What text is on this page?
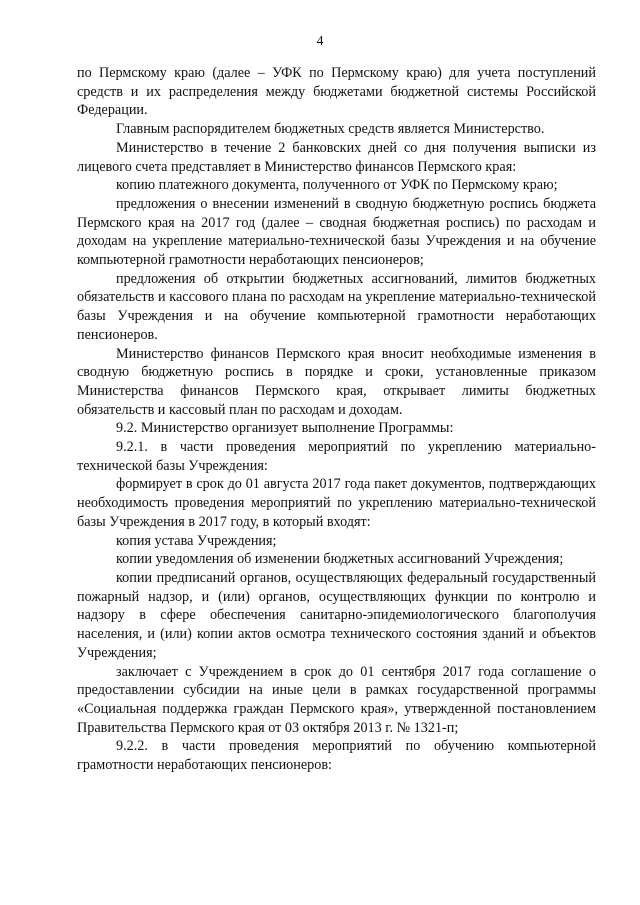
4

по Пермскому краю (далее – УФК по Пермскому краю) для учета поступлений средств и их распределения между бюджетами бюджетной системы Российской Федерации.

Главным распорядителем бюджетных средств является Министерство.

Министерство в течение 2 банковских дней со дня получения выписки из лицевого счета представляет в Министерство финансов Пермского края:

копию платежного документа, полученного от УФК по Пермскому краю;

предложения о внесении изменений в сводную бюджетную роспись бюджета Пермского края на 2017 год (далее – сводная бюджетная роспись) по расходам и доходам на укрепление материально-технической базы Учреждения и на обучение компьютерной грамотности неработающих пенсионеров;

предложения об открытии бюджетных ассигнований, лимитов бюджетных обязательств и кассового плана по расходам на укрепление материально-технической базы Учреждения и на обучение компьютерной грамотности неработающих пенсионеров.

Министерство финансов Пермского края вносит необходимые изменения в сводную бюджетную роспись в порядке и сроки, установленные приказом Министерства финансов Пермского края, открывает лимиты бюджетных обязательств и кассовый план по расходам и доходам.

9.2. Министерство организует выполнение Программы:

9.2.1. в части проведения мероприятий по укреплению материально-технической базы Учреждения:

формирует в срок до 01 августа 2017 года пакет документов, подтверждающих необходимость проведения мероприятий по укреплению материально-технической базы Учреждения в 2017 году, в который входят:

копия устава Учреждения;

копии уведомления об изменении бюджетных ассигнований Учреждения;

копии предписаний органов, осуществляющих федеральный государственный пожарный надзор, и (или) органов, осуществляющих функции по контролю и надзору в сфере обеспечения санитарно-эпидемиологического благополучия населения, и (или) копии актов осмотра технического состояния зданий и объектов Учреждения;

заключает с Учреждением в срок до 01 сентября 2017 года соглашение о предоставлении субсидии на иные цели в рамках государственной программы «Социальная поддержка граждан Пермского края», утвержденной постановлением Правительства Пермского края от 03 октября 2013 г. № 1321-п;

9.2.2. в части проведения мероприятий по обучению компьютерной грамотности неработающих пенсионеров:
